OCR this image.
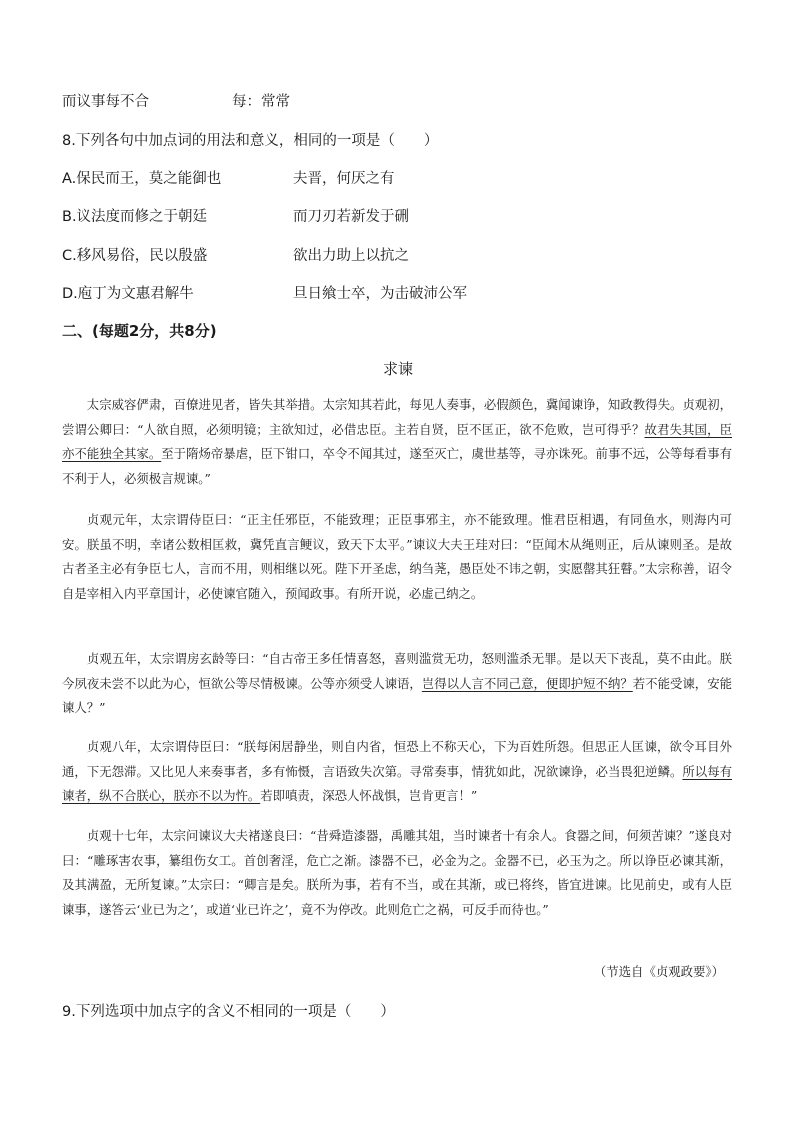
而议事每不合	每：常常
8.下列各句中加点词的用法和意义，相同的一项是（　　）
A.保民而王，莫之能御也	夫晋，何厌之有
B.议法度而修之于朝廷	而刀刃若新发于硎
C.移风易俗，民以殷盛	欲出力助上以抗之
D.庖丁为文惠君解牛	旦日飨士卒，为击破沛公军
二、(每题2分，共8分)
求谏

太宗威容俨肃，百僚进见者，皆失其举措。太宗知其若此，每见人奏事，必假颜色，冀闻谏诤，知政教得失。贞观初，尝谓公卿曰：“人欲自照，必须明镜；主欲知过，必借忠臣。主若自贤，臣不匡正，欲不危败，岂可得乎？故君失其国，臣亦不能独全其家。至于隋炀帝暴虐，臣下钳口，卒令不闻其过，遂至灭亡，虞世基等，寻亦诛死。前事不远，公等每看事有不利于人，必须极言规谏。”

贞观元年，太宗谓侍臣曰：“正主任邪臣，不能致理；正臣事邪主，亦不能致理。惟君臣相遇，有同鱼水，则海内可安。朕虽不明，幸诸公数相匡救，冀凭直言鲠议，致天下太平。”谏议大夫王珪对曰：“臣闻木从绳则正，后从谏则圣。是故古者圣主必有争臣七人，言而不用，则相继以死。陛下开圣虑，纳刍荛，愚臣处不讳之朝，实愿罄其狂瞽。”太宗称善，诏令自是宰相入内平章国计，必使谏官随入，预闻政事。有所开说，必虚己纳之。

贞观五年，太宗谓房玄龄等曰：“自古帝王多任情喜怒，喜则滥赏无功，怒则滥杀无罪。是以天下丧乱，莫不由此。朕今夙夜未尝不以此为心，恒欲公等尽情极谏。公等亦须受人谏语，岂得以人言不同己意，便即护短不纳？若不能受谏，安能谏人？”

贞观八年，太宗谓侍臣曰：“朕每闲居静坐，则自内省，恒恐上不称天心，下为百姓所怨。但思正人匡谏，欲令耳目外通，下无怨滞。又比见人来奏事者，多有怖慑，言语致失次第。寻常奏事，情犹如此，况欲谏诤，必当畏犯逆鳞。所以每有谏者，纵不合朕心，朕亦不以为忤。若即嗔责，深恐人怀战惧，岂肯更言！”

贞观十七年，太宗问谏议大夫褚遂良曰：“昔舜造漆器，禹雕其俎，当时谏者十有余人。食器之间，何须苦谏？”遂良对曰：“雕琢害农事，纂组伤女工。首创奢淫，危亡之渐。漆器不已，必金为之。金器不已，必玉为之。所以诤臣必谏其渐，及其满盈，无所复谏。”太宗曰：“卿言是矣。朕所为事，若有不当，或在其渐，或已将终，皆宜进谏。比见前史，或有人臣谏事，遂答云‘业已为之’，或道‘业已许之’，竟不为停改。此则危亡之祸，可反手而待也。”

（节选自《贞观政要》）
9.下列选项中加点字的含义不相同的一项是（　　）
